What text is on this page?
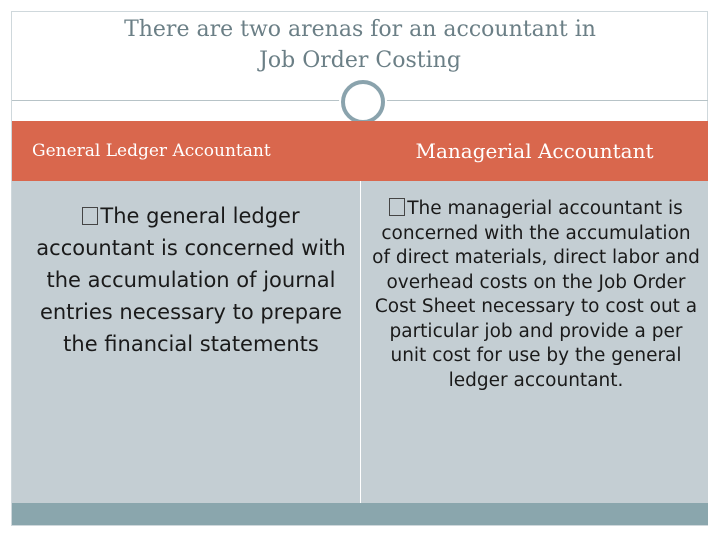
There are two arenas for an accountant in
Job Order Costing
General Ledger Accountant	Managerial Accountant
The general ledger accountant is concerned with the accumulation of journal entries necessary to prepare the financial statements
The managerial accountant is concerned with the accumulation of direct materials, direct labor and overhead costs on the Job Order Cost Sheet necessary to cost out a particular job and provide a per unit cost for use by the general ledger accountant.
